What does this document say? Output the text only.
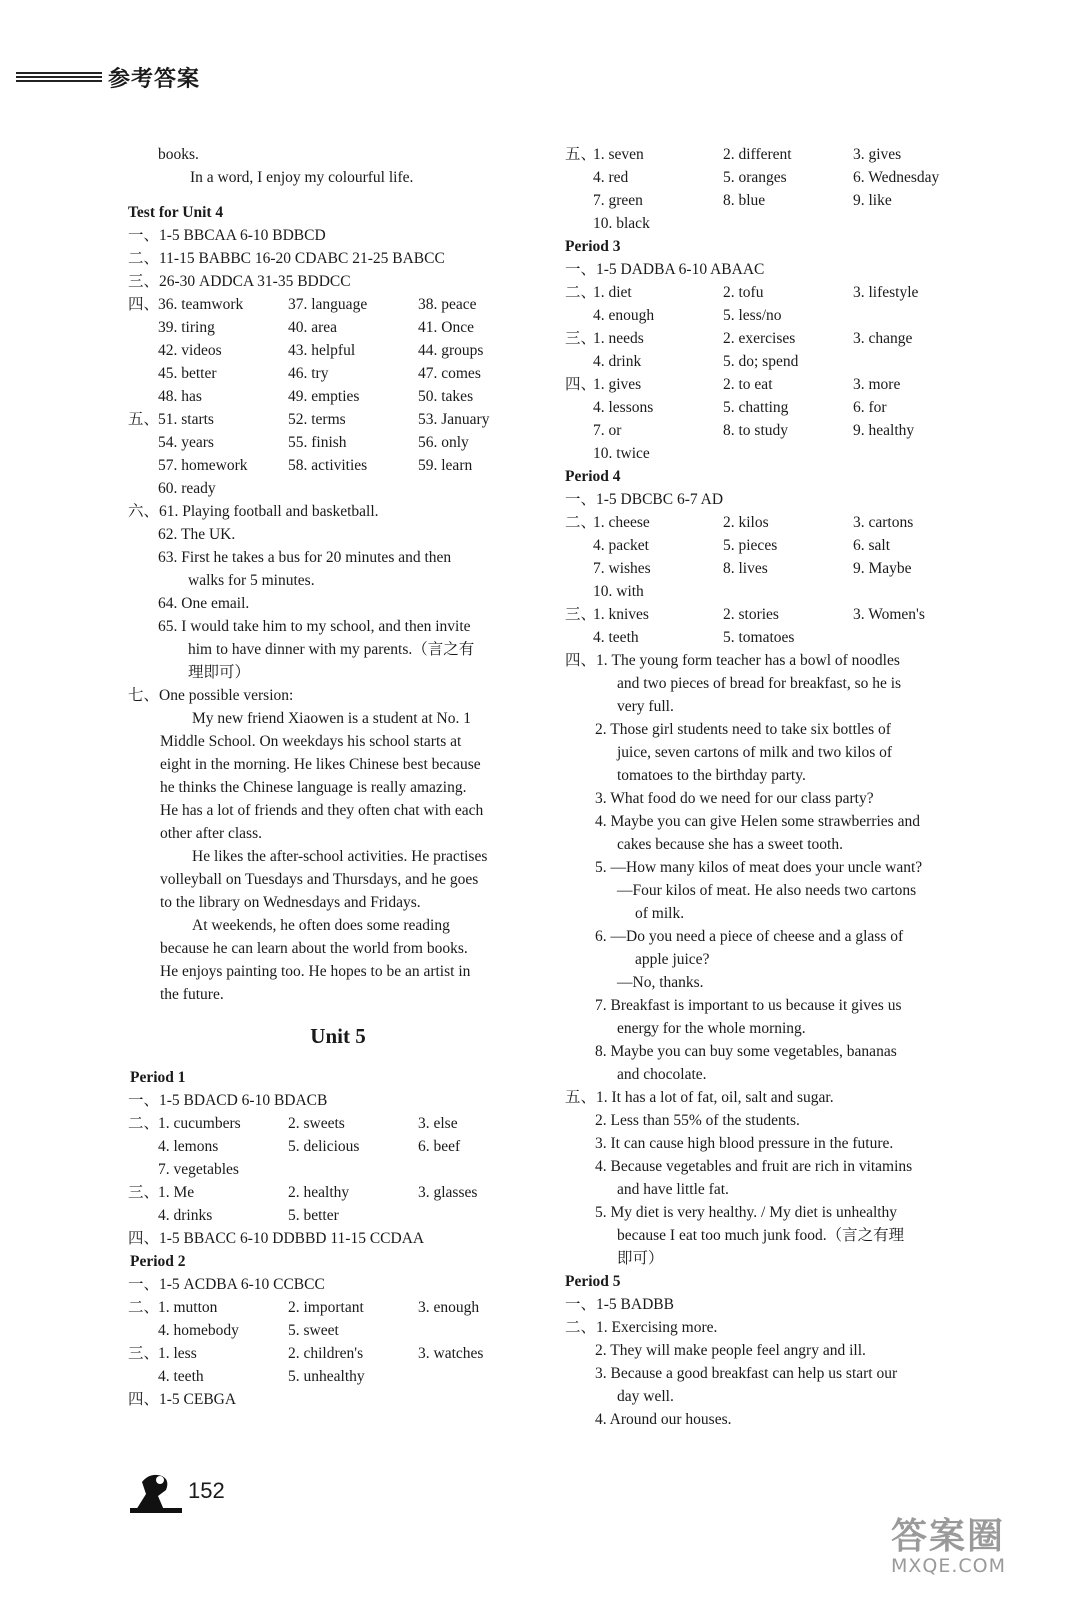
参考答案
books.
In a word, I enjoy my colourful life.
Test for Unit 4
一、1-5 BBCAA 6-10 BDBCD
二、11-15 BABBC 16-20 CDABC 21-25 BABCC
三、26-30 ADDCA 31-35 BDDCC
四、
36. teamwork	37. language	38. peace
39. tiring	40. area	41. Once
42. videos	43. helpful	44. groups
45. better	46. try	47. comes
48. has	49. empties	50. takes
五、
51. starts	52. terms	53. January
54. years	55. finish	56. only
57. homework	58. activities	59. learn
60. ready
六、61. Playing football and basketball.
62. The UK.
63. First he takes a bus for 20 minutes and then
walks for 5 minutes.
64. One email.
65. I would take him to my school, and then invite
him to have dinner with my parents.（言之有
理即可）
七、One possible version:
My new friend Xiaowen is a student at No. 1
Middle School. On weekdays his school starts at
eight in the morning. He likes Chinese best because
he thinks the Chinese language is really amazing.
He has a lot of friends and they often chat with each
other after class.
He likes the after-school activities. He practises
volleyball on Tuesdays and Thursdays, and he goes
to the library on Wednesdays and Fridays.
At weekends, he often does some reading
because he can learn about the world from books.
He enjoys painting too. He hopes to be an artist in
the future.
Unit 5
Period 1
一、1-5 BDACD 6-10 BDACB
二、
1. cucumbers	2. sweets	3. else
4. lemons	5. delicious	6. beef
7. vegetables
三、
1. Me	2. healthy	3. glasses
4. drinks	5. better
四、1-5 BBACC 6-10 DDBBD 11-15 CCDAA
Period 2
一、1-5 ACDBA 6-10 CCBCC
二、
1. mutton	2. important	3. enough
4. homebody	5. sweet
三、
1. less	2. children's	3. watches
4. teeth	5. unhealthy
四、1-5 CEBGA
五、
1. seven	2. different	3. gives
4. red	5. oranges	6. Wednesday
7. green	8. blue	9. like
10. black
Period 3
一、1-5 DADBA 6-10 ABAAC
二、
1. diet	2. tofu	3. lifestyle
4. enough	5. less/no
三、
1. needs	2. exercises	3. change
4. drink	5. do; spend
四、
1. gives	2. to eat	3. more
4. lessons	5. chatting	6. for
7. or	8. to study	9. healthy
10. twice
Period 4
一、1-5 DBCBC 6-7 AD
二、
1. cheese	2. kilos	3. cartons
4. packet	5. pieces	6. salt
7. wishes	8. lives	9. Maybe
10. with
三、
1. knives	2. stories	3. Women's
4. teeth	5. tomatoes
四、1. The young form teacher has a bowl of noodles
and two pieces of bread for breakfast, so he is
very full.
2. Those girl students need to take six bottles of
juice, seven cartons of milk and two kilos of
tomatoes to the birthday party.
3. What food do we need for our class party?
4. Maybe you can give Helen some strawberries and
cakes because she has a sweet tooth.
5. —How many kilos of meat does your uncle want?
—Four kilos of meat. He also needs two cartons
of milk.
6. —Do you need a piece of cheese and a glass of
apple juice?
—No, thanks.
7. Breakfast is important to us because it gives us
energy for the whole morning.
8. Maybe you can buy some vegetables, bananas
and chocolate.
五、1. It has a lot of fat, oil, salt and sugar.
2. Less than 55% of the students.
3. It can cause high blood pressure in the future.
4. Because vegetables and fruit are rich in vitamins
and have little fat.
5. My diet is very healthy. / My diet is unhealthy
because I eat too much junk food.（言之有理
即可）
Period 5
一、1-5 BADBB
二、1. Exercising more.
2. They will make people feel angry and ill.
3. Because a good breakfast can help us start our
day well.
4. Around our houses.
152
答案圈
MXQE.COM
